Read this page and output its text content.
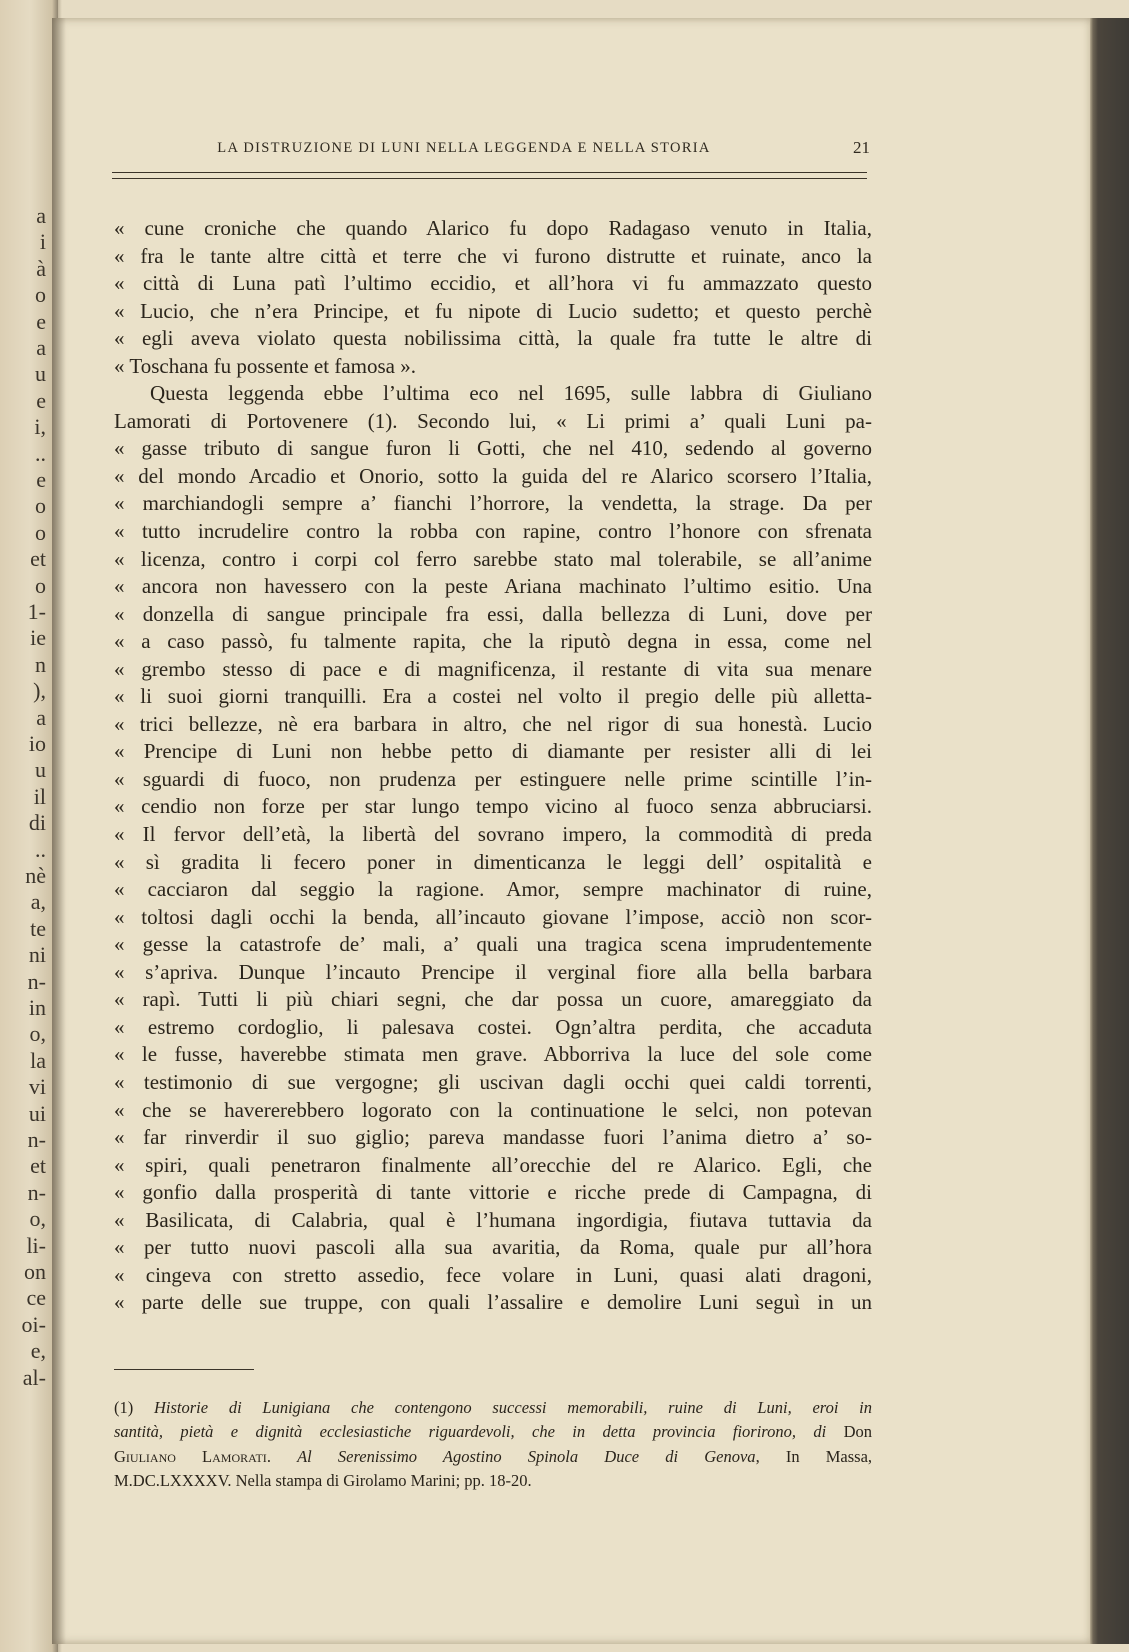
a
i
à
o
e
a
u
e
i,
..
e
o
o
et
o
1-
ie
n
),
a
io
u
il
di
..
nè
a,
te
ni
n-
in
o,
la
vi
ui
n-
et
n-
o,
li-
on
ce
oi-
e,
al-
LA DISTRUZIONE DI LUNI NELLA LEGGENDA E NELLA STORIA	21
« cune croniche che quando Alarico fu dopo Radagaso venuto in Italia,
« fra le tante altre città et terre che vi furono distrutte et ruinate, anco la
« città di Luna patì l’ultimo eccidio, et all’hora vi fu ammazzato questo
« Lucio, che n’era Principe, et fu nipote di Lucio sudetto; et questo perchè
« egli aveva violato questa nobilissima città, la quale fra tutte le altre di
« Toschana fu possente et famosa ».
Questa leggenda ebbe l’ultima eco nel 1695, sulle labbra di Giuliano
Lamorati di Portovenere (1). Secondo lui, « Li primi a’ quali Luni pa-
« gasse tributo di sangue furon li Gotti, che nel 410, sedendo al governo
« del mondo Arcadio et Onorio, sotto la guida del re Alarico scorsero l’Italia,
« marchiandogli sempre a’ fianchi l’horrore, la vendetta, la strage. Da per
« tutto incrudelire contro la robba con rapine, contro l’honore con sfrenata
« licenza, contro i corpi col ferro sarebbe stato mal tolerabile, se all’anime
« ancora non havessero con la peste Ariana machinato l’ultimo esitio. Una
« donzella di sangue principale fra essi, dalla bellezza di Luni, dove per
« a caso passò, fu talmente rapita, che la riputò degna in essa, come nel
« grembo stesso di pace e di magnificenza, il restante di vita sua menare
« li suoi giorni tranquilli. Era a costei nel volto il pregio delle più alletta-
« trici bellezze, nè era barbara in altro, che nel rigor di sua honestà. Lucio
« Prencipe di Luni non hebbe petto di diamante per resister alli di lei
« sguardi di fuoco, non prudenza per estinguere nelle prime scintille l’in-
« cendio non forze per star lungo tempo vicino al fuoco senza abbruciarsi.
« Il fervor dell’età, la libertà del sovrano impero, la commodità di preda
« sì gradita li fecero poner in dimenticanza le leggi dell’ ospitalità e
« cacciaron dal seggio la ragione. Amor, sempre machinator di ruine,
« toltosi dagli occhi la benda, all’incauto giovane l’impose, acciò non scor-
« gesse la catastrofe de’ mali, a’ quali una tragica scena imprudentemente
« s’apriva. Dunque l’incauto Prencipe il verginal fiore alla bella barbara
« rapì. Tutti li più chiari segni, che dar possa un cuore, amareggiato da
« estremo cordoglio, li palesava costei. Ogn’altra perdita, che accaduta
« le fusse, haverebbe stimata men grave. Abborriva la luce del sole come
« testimonio di sue vergogne; gli uscivan dagli occhi quei caldi torrenti,
« che se havererebbero logorato con la continuatione le selci, non potevan
« far rinverdir il suo giglio; pareva mandasse fuori l’anima dietro a’ so-
« spiri, quali penetraron finalmente all’orecchie del re Alarico. Egli, che
« gonfio dalla prosperità di tante vittorie e ricche prede di Campagna, di
« Basilicata, di Calabria, qual è l’humana ingordigia, fiutava tuttavia da
« per tutto nuovi pascoli alla sua avaritia, da Roma, quale pur all’hora
« cingeva con stretto assedio, fece volare in Luni, quasi alati dragoni,
« parte delle sue truppe, con quali l’assalire e demolire Luni seguì in un
(1) Historie di Lunigiana che contengono successi memorabili, ruine di Luni, eroi in
santità, pietà e dignità ecclesiastiche riguardevoli, che in detta provincia fiorirono, di Don
Giuliano Lamorati. Al Serenissimo Agostino Spinola Duce di Genova, In Massa,
M.DC.LXXXXV. Nella stampa di Girolamo Marini; pp. 18-20.
